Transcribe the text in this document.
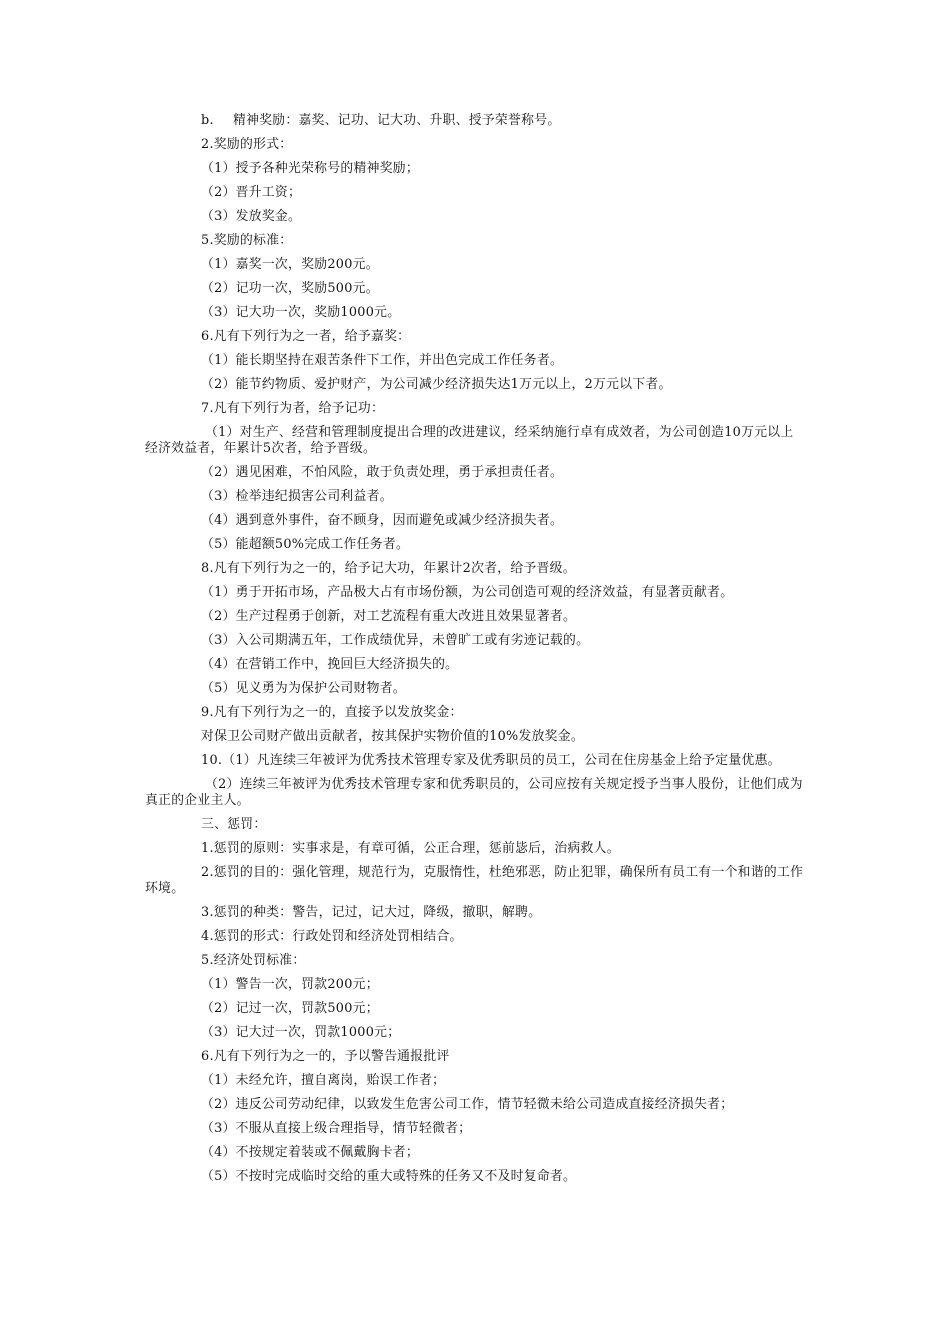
b. 精神奖励：嘉奖、记功、记大功、升职、授予荣誉称号。

2.奖励的形式：

（1）授予各种光荣称号的精神奖励；

（2）晋升工资；

（3）发放奖金。

5.奖励的标准：

（1）嘉奖一次，奖励200元。

（2）记功一次，奖励500元。

（3）记大功一次，奖励1000元。

6.凡有下列行为之一者，给予嘉奖：

（1）能长期坚持在艰苦条件下工作，并出色完成工作任务者。

（2）能节约物质、爱护财产，为公司减少经济损失达1万元以上，2万元以下者。

7.凡有下列行为者，给予记功：

（1）对生产、经营和管理制度提出合理的改进建议，经采纳施行卓有成效者，为公司创造10万元以上经济效益者，年累计5次者，给予晋级。

（2）遇见困难，不怕风险，敢于负责处理，勇于承担责任者。

（3）检举违纪损害公司利益者。

（4）遇到意外事件，奋不顾身，因而避免或减少经济损失者。

（5）能超额50%完成工作任务者。

8.凡有下列行为之一的，给予记大功，年累计2次者，给予晋级。

（1）勇于开拓市场，产品极大占有市场份额，为公司创造可观的经济效益，有显著贡献者。

（2）生产过程勇于创新，对工艺流程有重大改进且效果显著者。

（3）入公司期满五年，工作成绩优异，未曾旷工或有劣迹记载的。

（4）在营销工作中，挽回巨大经济损失的。

（5）见义勇为为保护公司财物者。

9.凡有下列行为之一的，直接予以发放奖金：

对保卫公司财产做出贡献者，按其保护实物价值的10%发放奖金。

10.（1）凡连续三年被评为优秀技术管理专家及优秀职员的员工，公司在住房基金上给予定量优惠。

（2）连续三年被评为优秀技术管理专家和优秀职员的，公司应按有关规定授予当事人股份，让他们成为真正的企业主人。

三、惩罚：

1.惩罚的原则：实事求是，有章可循，公正合理，惩前毖后，治病救人。

2.惩罚的目的：强化管理，规范行为，克服惰性，杜绝邪恶，防止犯罪，确保所有员工有一个和谐的工作环境。

3.惩罚的种类：警告，记过，记大过，降级，撤职，解聘。

4.惩罚的形式：行政处罚和经济处罚相结合。

5.经济处罚标准：

（1）警告一次，罚款200元；

（2）记过一次，罚款500元；

（3）记大过一次，罚款1000元；

6.凡有下列行为之一的，予以警告通报批评

（1）未经允许，擅自离岗，贻误工作者；

（2）违反公司劳动纪律，以致发生危害公司工作，情节轻微未给公司造成直接经济损失者；

（3）不服从直接上级合理指导，情节轻微者；

（4）不按规定着装或不佩戴胸卡者；

（5）不按时完成临时交给的重大或特殊的任务又不及时复命者。
